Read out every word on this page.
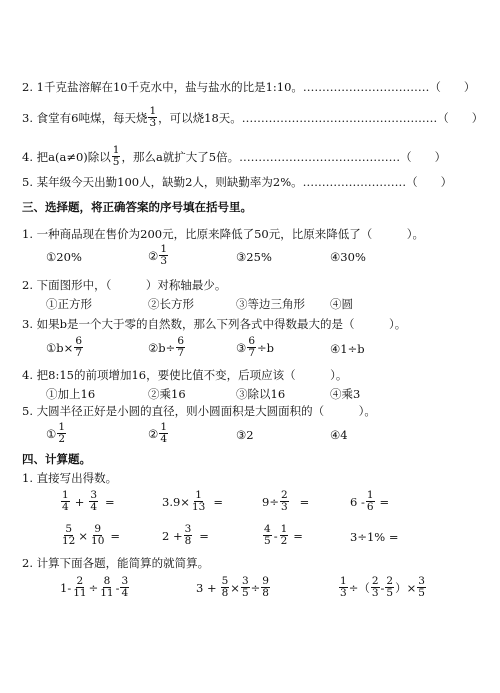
2. 1千克盐溶解在10千克水中，盐与盐水的比是1:10。……………………………（　　）
3. 食堂有6吨煤，每天烧 $\frac{1}{3}$ ，可以烧18天。……………………………………………（　　）
4. 把a(a≠0)除以 $\frac{1}{5}$ ，那么a就扩大了5倍。……………………………………（　　）
5. 某年级今天出勤100人，缺勤2人，则缺勤率为2%。………………………（　　）
三、选择题，将正确答案的序号填在括号里。
1. 一种商品现在售价为200元，比原来降低了50元，比原来降低了（　　　）。
①20%	② $\frac{1}{3}$	③25%	④30%
2. 下面图形中，（　　　）对称轴最少。
①正方形	②长方形	③等边三角形 ④圆
3. 如果b是一个大于零的自然数，那么下列各式中得数最大的是（　　　）。
①b× $\frac{6}{7}$	②b÷ $\frac{6}{7}$	③ $\frac{6}{7} \div b$	④1÷b
4. 把8:15的前项增加16，要使比值不变，后项应该（　　　）。
①加上16	②乘16	③除以16	④乘3
5. 大圆半径正好是小圆的直径，则小圆面积是大圆面积的（　　　）。
① $\frac{1}{2}$	② $\frac{1}{4}$	③2	④4
四、计算题。
1. 直接写出得数。
$\frac{1}{4} + \frac{3}{4}$ =	$3.9\times \frac{1}{13}$ =	$9\div \frac{2}{3}$ =	$6 - \frac{1}{6}$ =
$\frac{5}{12} \times \frac{9}{10}$ =	$2 + \frac{3}{8}$ =	$\frac{4}{5} - \frac{1}{2}$ =	3÷1% =
2. 计算下面各题，能简算的就简算。
$1- \frac{2}{11} \div \frac{8}{11} - \frac{3}{4}$	$3 + \frac{5}{8} \times \frac{3}{5} \div \frac{9}{8}$	$\frac{1}{3}$ ÷（ $\frac{2}{3} - \frac{2}{5}$ ）× $\frac{3}{5}$
